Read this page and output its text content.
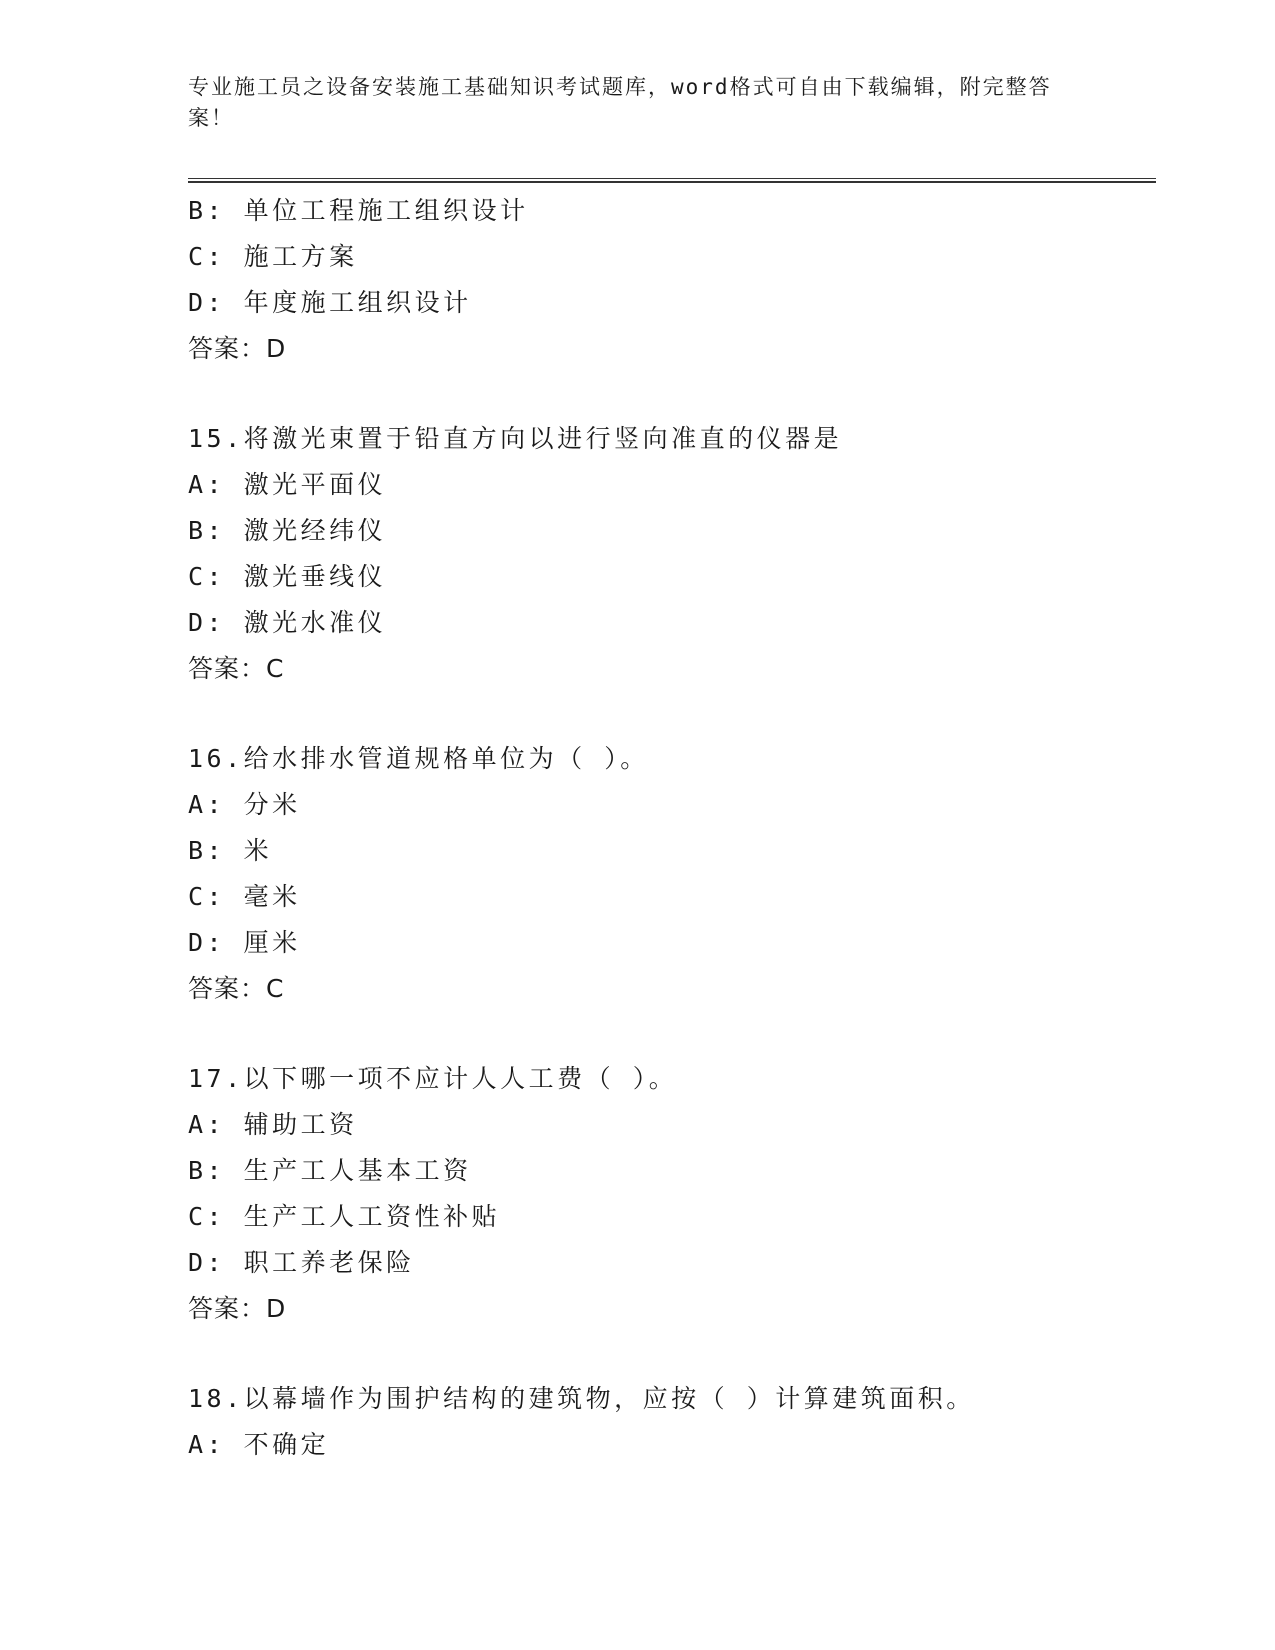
专业施工员之设备安装施工基础知识考试题库，word格式可自由下载编辑，附完整答案！
B: 单位工程施工组织设计
C: 施工方案
D: 年度施工组织设计
答案：D
15.将激光束置于铅直方向以进行竖向准直的仪器是
A: 激光平面仪
B: 激光经纬仪
C: 激光垂线仪
D: 激光水准仪
答案：C
16.给水排水管道规格单位为（ ）。
A: 分米
B: 米
C: 毫米
D: 厘米
答案：C
17.以下哪一项不应计人人工费（ ）。
A: 辅助工资
B: 生产工人基本工资
C: 生产工人工资性补贴
D: 职工养老保险
答案：D
18.以幕墙作为围护结构的建筑物，应按（ ）计算建筑面积。
A: 不确定
